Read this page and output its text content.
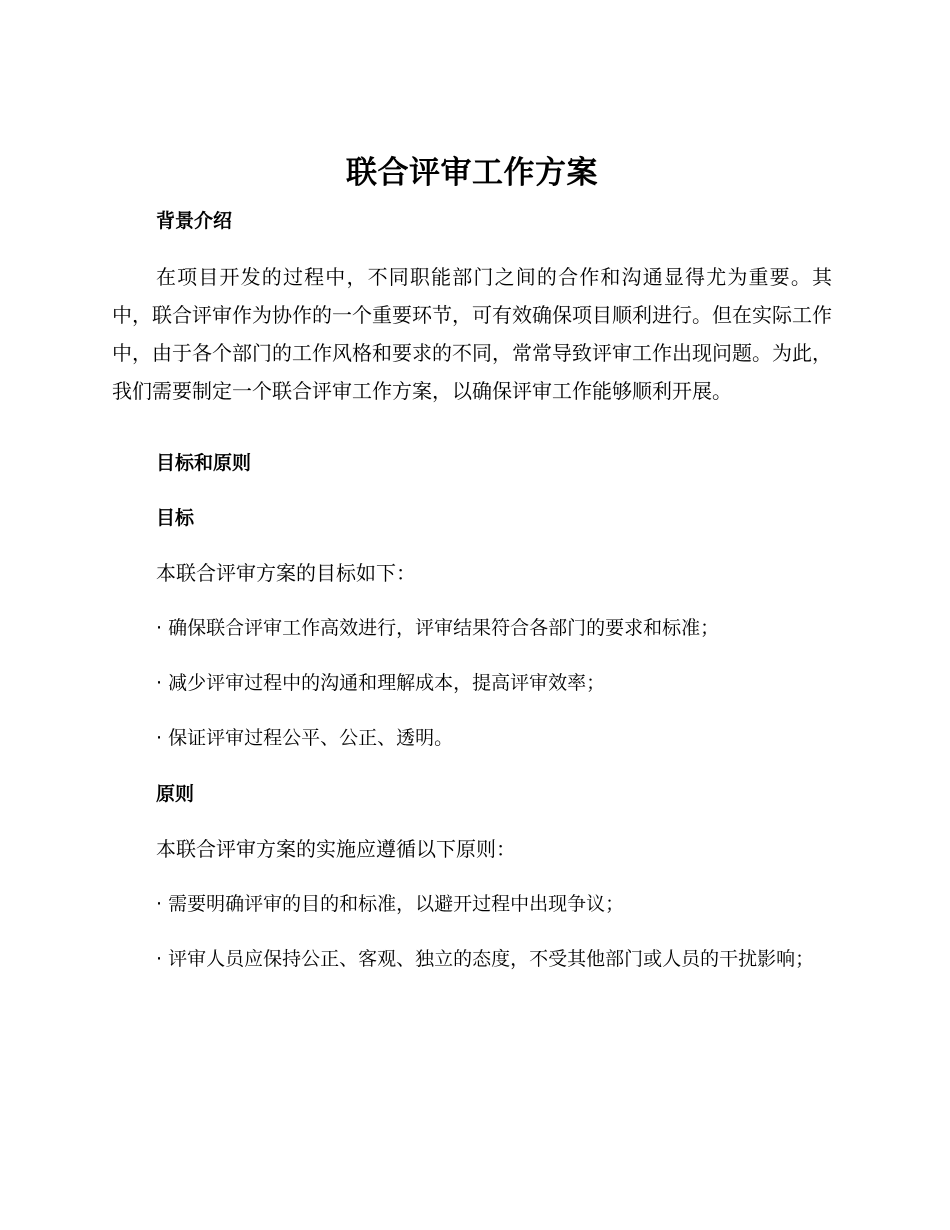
联合评审工作方案
背景介绍

在项目开发的过程中，不同职能部门之间的合作和沟通显得尤为重要。其中，联合评审作为协作的一个重要环节，可有效确保项目顺利进行。但在实际工作中，由于各个部门的工作风格和要求的不同，常常导致评审工作出现问题。为此，我们需要制定一个联合评审工作方案，以确保评审工作能够顺利开展。

目标和原则
目标

本联合评审方案的目标如下：

· 确保联合评审工作高效进行，评审结果符合各部门的要求和标准；

· 减少评审过程中的沟通和理解成本，提高评审效率；

· 保证评审过程公平、公正、透明。

原则

本联合评审方案的实施应遵循以下原则：

· 需要明确评审的目的和标准，以避开过程中出现争议；

· 评审人员应保持公正、客观、独立的态度，不受其他部门或人员的干扰影响；
